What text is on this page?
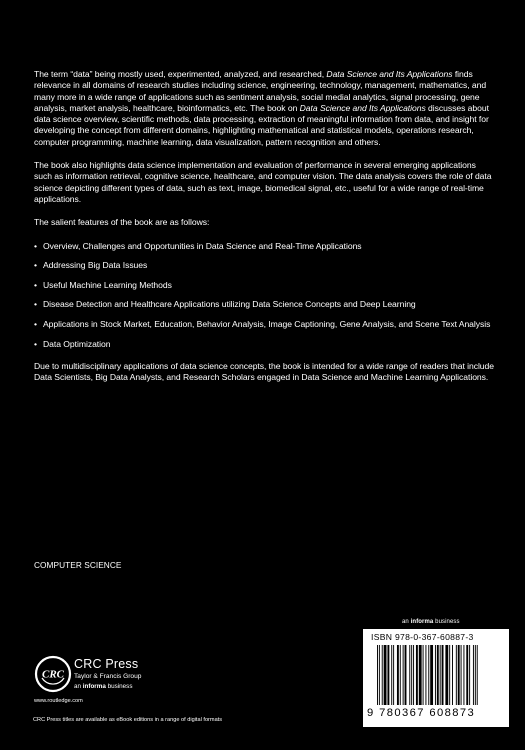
The term “data” being mostly used, experimented, analyzed, and researched, Data Science and Its Applications finds relevance in all domains of research studies including science, engineering, technology, management, mathematics, and many more in a wide range of applications such as sentiment analysis, social medial analytics, signal processing, gene analysis, market analysis, healthcare, bioinformatics, etc. The book on Data Science and Its Applications discusses about data science overview, scientific methods, data processing, extraction of meaningful information from data, and insight for developing the concept from different domains, highlighting mathematical and statistical models, operations research, computer programming, machine learning, data visualization, pattern recognition and others.

The book also highlights data science implementation and evaluation of performance in several emerging applications such as information retrieval, cognitive science, healthcare, and computer vision. The data analysis covers the role of data science depicting different types of data, such as text, image, biomedical signal, etc., useful for a wide range of real-time applications.

The salient features of the book are as follows:

• Overview, Challenges and Opportunities in Data Science and Real-Time Applications
• Addressing Big Data Issues
• Useful Machine Learning Methods
• Disease Detection and Healthcare Applications utilizing Data Science Concepts and Deep Learning
• Applications in Stock Market, Education, Behavior Analysis, Image Captioning, Gene Analysis, and Scene Text Analysis
• Data Optimization

Due to multidisciplinary applications of data science concepts, the book is intended for a wide range of readers that include Data Scientists, Big Data Analysts, and Research Scholars engaged in Data Science and Machine Learning Applications.

COMPUTER SCIENCE
an informa business
CRC
CRC Press
Taylor & Francis Group
an informa business
www.routledge.com
CRC Press titles are available as eBook editions in a range of digital formats
ISBN 978-0-367-60887-3
9 780367 608873
